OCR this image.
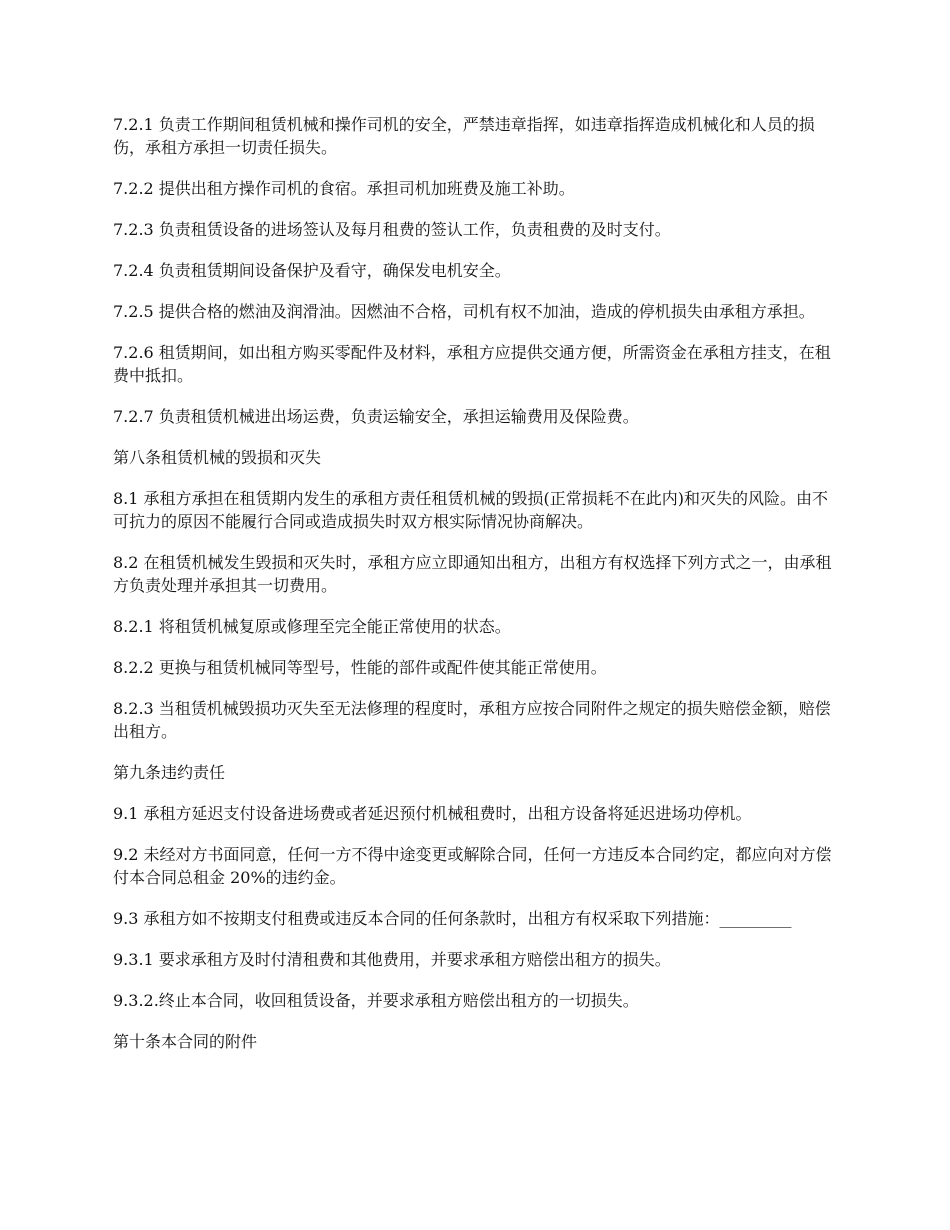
7.2.1 负责工作期间租赁机械和操作司机的安全，严禁违章指挥，如违章指挥造成机械化和人员的损伤，承租方承担一切责任损失。

7.2.2 提供出租方操作司机的食宿。承担司机加班费及施工补助。

7.2.3 负责租赁设备的进场签认及每月租费的签认工作，负责租费的及时支付。

7.2.4 负责租赁期间设备保护及看守，确保发电机安全。

7.2.5 提供合格的燃油及润滑油。因燃油不合格，司机有权不加油，造成的停机损失由承租方承担。

7.2.6 租赁期间，如出租方购买零配件及材料，承租方应提供交通方便，所需资金在承租方挂支，在租费中抵扣。

7.2.7 负责租赁机械进出场运费，负责运输安全，承担运输费用及保险费。

第八条租赁机械的毁损和灭失

8.1 承租方承担在租赁期内发生的承租方责任租赁机械的毁损(正常损耗不在此内)和灭失的风险。由不可抗力的原因不能履行合同或造成损失时双方根实际情况协商解决。

8.2 在租赁机械发生毁损和灭失时，承租方应立即通知出租方，出租方有权选择下列方式之一，由承租方负责处理并承担其一切费用。

8.2.1 将租赁机械复原或修理至完全能正常使用的状态。

8.2.2 更换与租赁机械同等型号，性能的部件或配件使其能正常使用。

8.2.3 当租赁机械毁损功灭失至无法修理的程度时，承租方应按合同附件之规定的损失赔偿金额，赔偿出租方。

第九条违约责任

9.1 承租方延迟支付设备进场费或者延迟预付机械租费时，出租方设备将延迟进场功停机。

9.2 未经对方书面同意，任何一方不得中途变更或解除合同，任何一方违反本合同约定，都应向对方偿付本合同总租金 20%的违约金。

9.3 承租方如不按期支付租费或违反本合同的任何条款时，出租方有权采取下列措施：_________

9.3.1 要求承租方及时付清租费和其他费用，并要求承租方赔偿出租方的损失。

9.3.2.终止本合同，收回租赁设备，并要求承租方赔偿出租方的一切损失。

第十条本合同的附件
